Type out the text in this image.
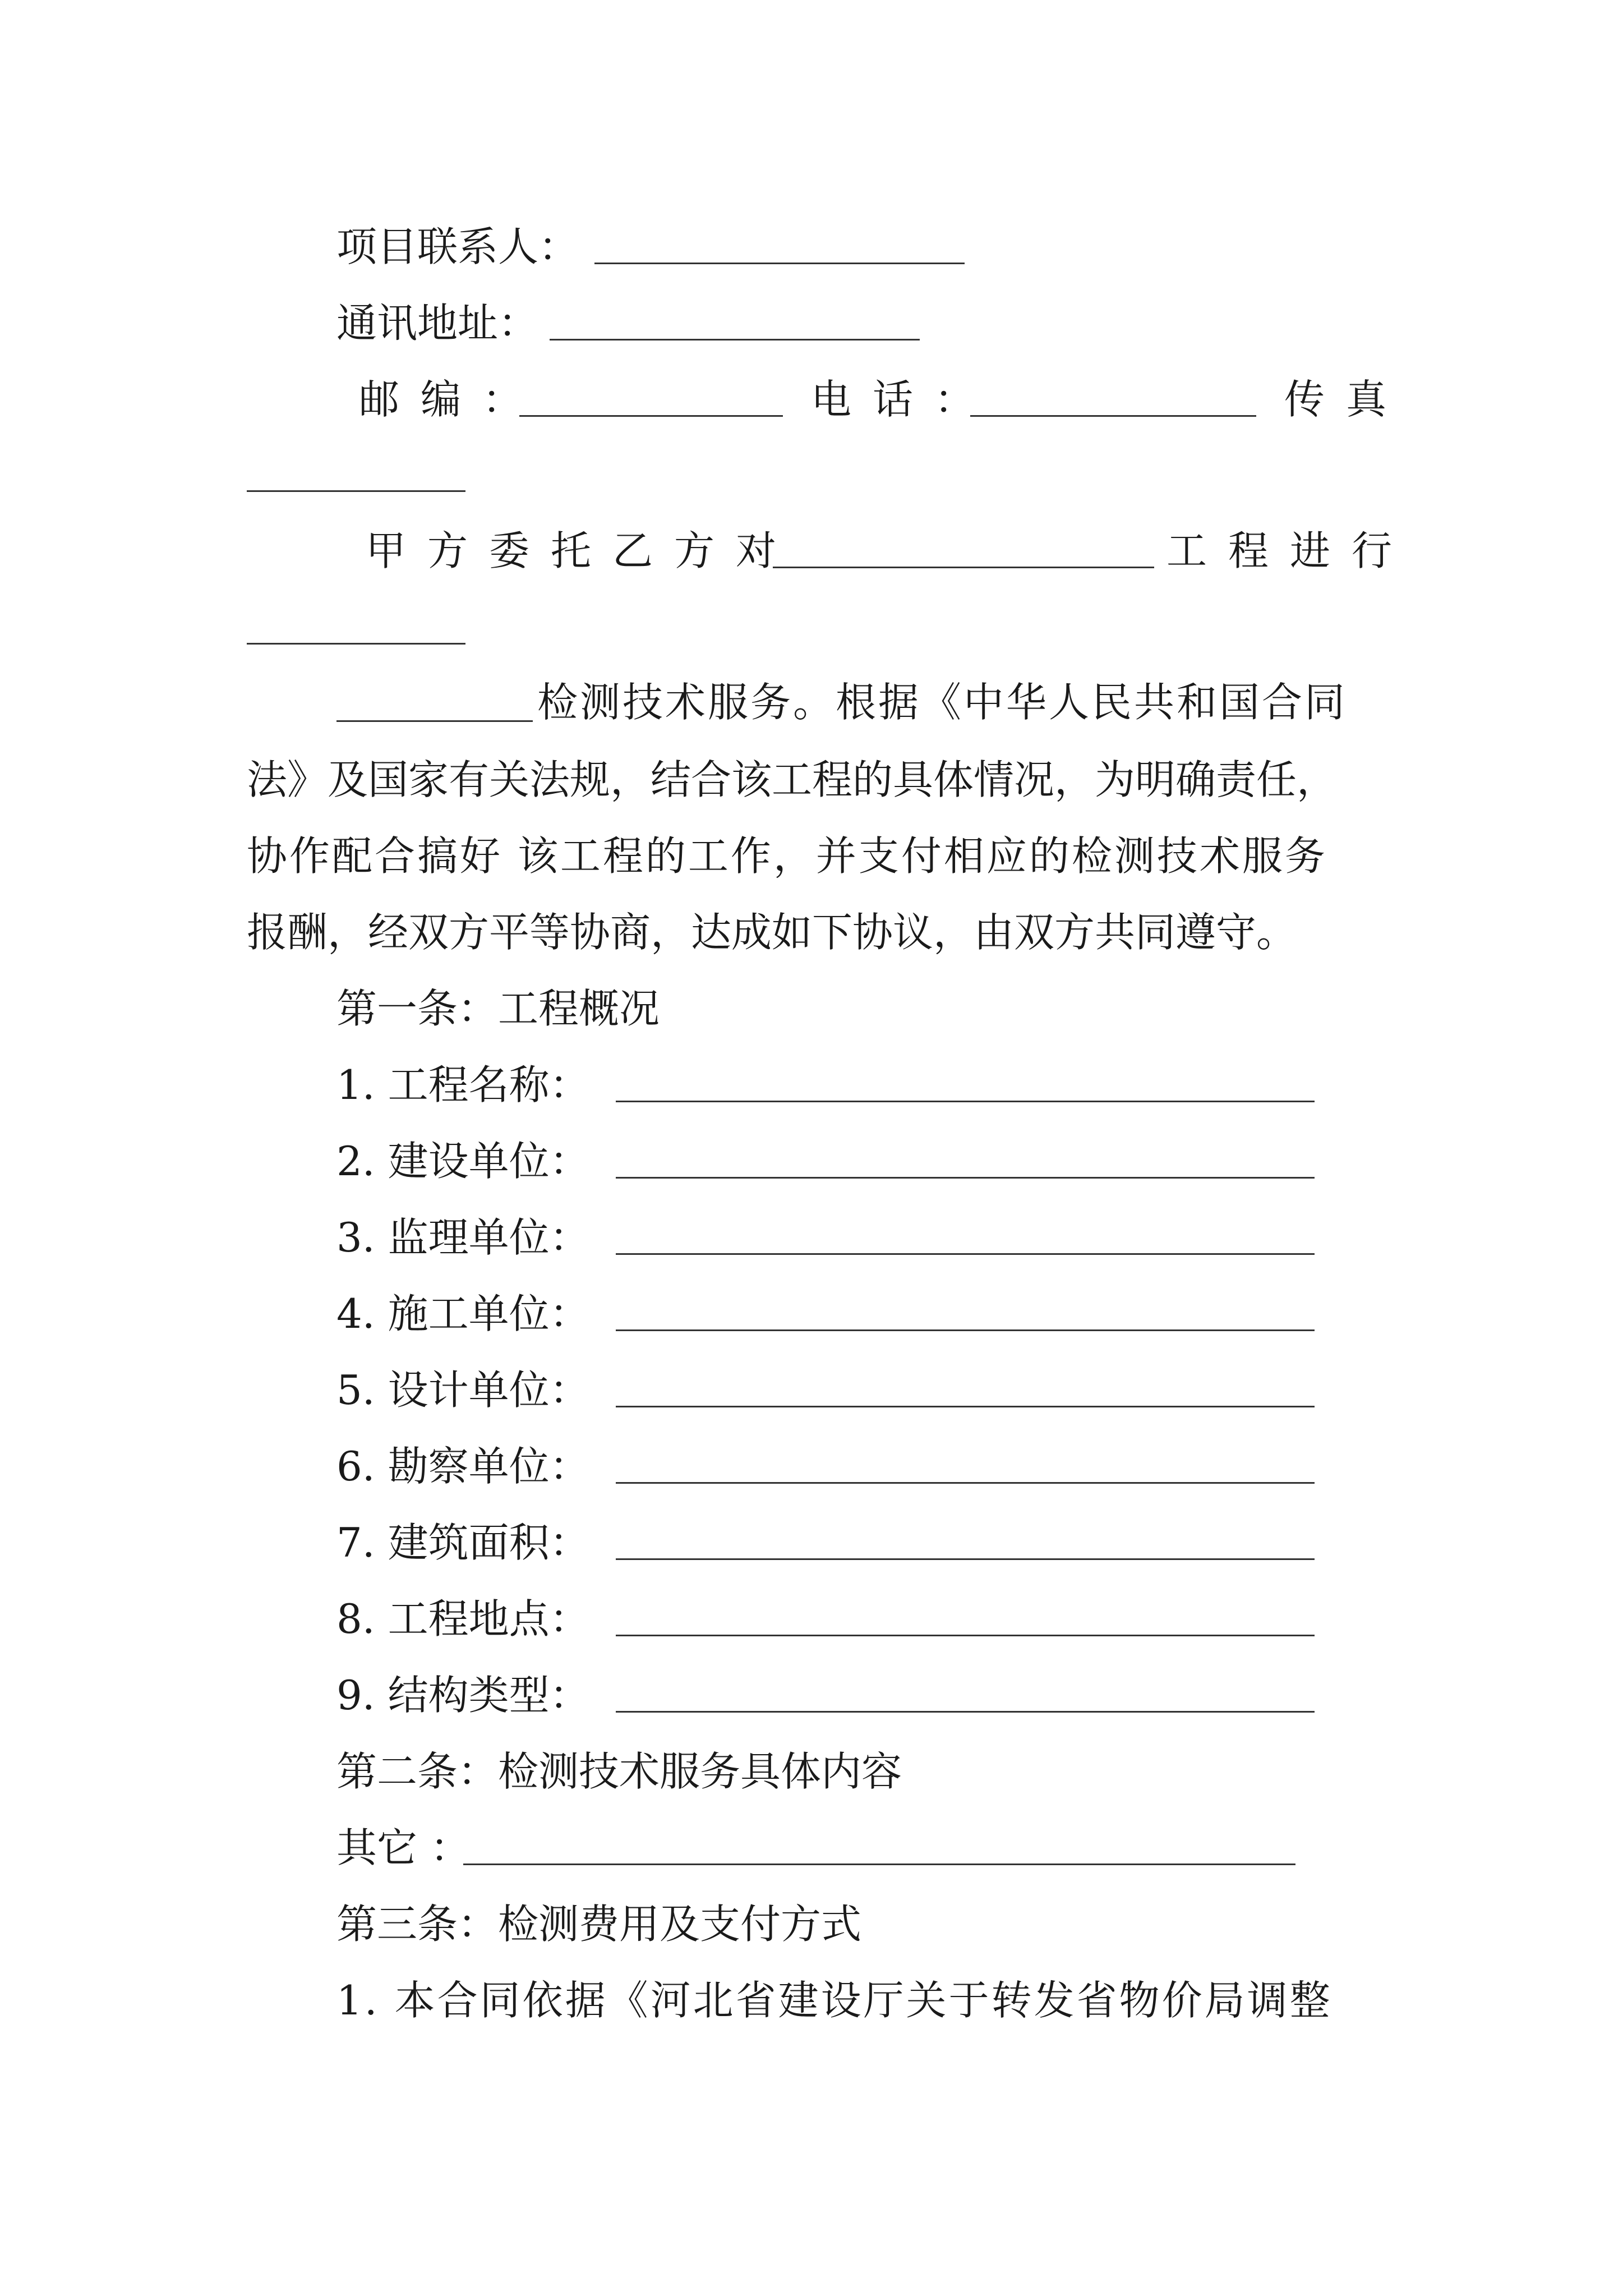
项目联系人：
通讯地址：
邮编：	电话：	传真
甲方委托乙方对	工程进行
检测技术服务。根据《中华人民共和国合同
法》及国家有关法规，结合该工程的具体情况，为明确责任，
协作配合搞好 该工程的工作，并支付相应的检测技术服务
报酬，经双方平等协商，达成如下协议，由双方共同遵守。
第一条：工程概况
1. 工程名称：
2. 建设单位：
3. 监理单位：
4. 施工单位：
5. 设计单位：
6. 勘察单位：
7. 建筑面积：
8. 工程地点：
9. 结构类型：
第二条：检测技术服务具体内容
其它 ：
第三条：检测费用及支付方式
1. 本合同依据《河北省建设厅关于转发省物价局调整
